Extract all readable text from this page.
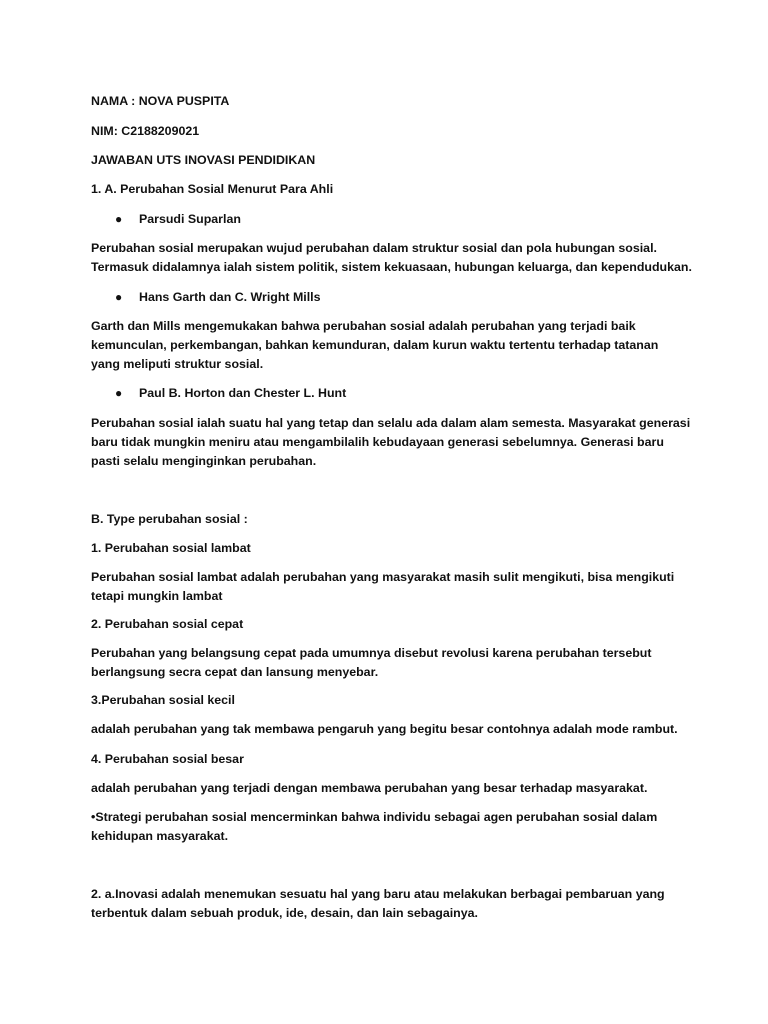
NAMA : NOVA PUSPITA
NIM: C2188209021
JAWABAN UTS INOVASI PENDIDIKAN
1. A. Perubahan Sosial Menurut Para Ahli
● Parsudi Suparlan
Perubahan sosial merupakan wujud perubahan dalam struktur sosial dan pola hubungan sosial.
Termasuk didalamnya ialah sistem politik, sistem kekuasaan, hubungan keluarga, dan kependudukan.
● Hans Garth dan C. Wright Mills
Garth dan Mills mengemukakan bahwa perubahan sosial adalah perubahan yang terjadi baik
kemunculan, perkembangan, bahkan kemunduran, dalam kurun waktu tertentu terhadap tatanan
yang meliputi struktur sosial.
● Paul B. Horton dan Chester L. Hunt
Perubahan sosial ialah suatu hal yang tetap dan selalu ada dalam alam semesta. Masyarakat generasi
baru tidak mungkin meniru atau mengambilalih kebudayaan generasi sebelumnya. Generasi baru
pasti selalu menginginkan perubahan.
B. Type perubahan sosial :
1. Perubahan sosial lambat
Perubahan sosial lambat adalah perubahan yang masyarakat masih sulit mengikuti, bisa mengikuti
tetapi mungkin lambat
2. Perubahan sosial cepat
Perubahan yang belangsung cepat pada umumnya disebut revolusi karena perubahan tersebut
berlangsung secra cepat dan lansung menyebar.
3.Perubahan sosial kecil
adalah perubahan yang tak membawa pengaruh yang begitu besar contohnya adalah mode rambut.
4. Perubahan sosial besar
adalah perubahan yang terjadi dengan membawa perubahan yang besar terhadap masyarakat.
•Strategi perubahan sosial mencerminkan bahwa individu sebagai agen perubahan sosial dalam
kehidupan masyarakat.
2. a.Inovasi adalah menemukan sesuatu hal yang baru atau melakukan berbagai pembaruan yang
terbentuk dalam sebuah produk, ide, desain, dan lain sebagainya.
